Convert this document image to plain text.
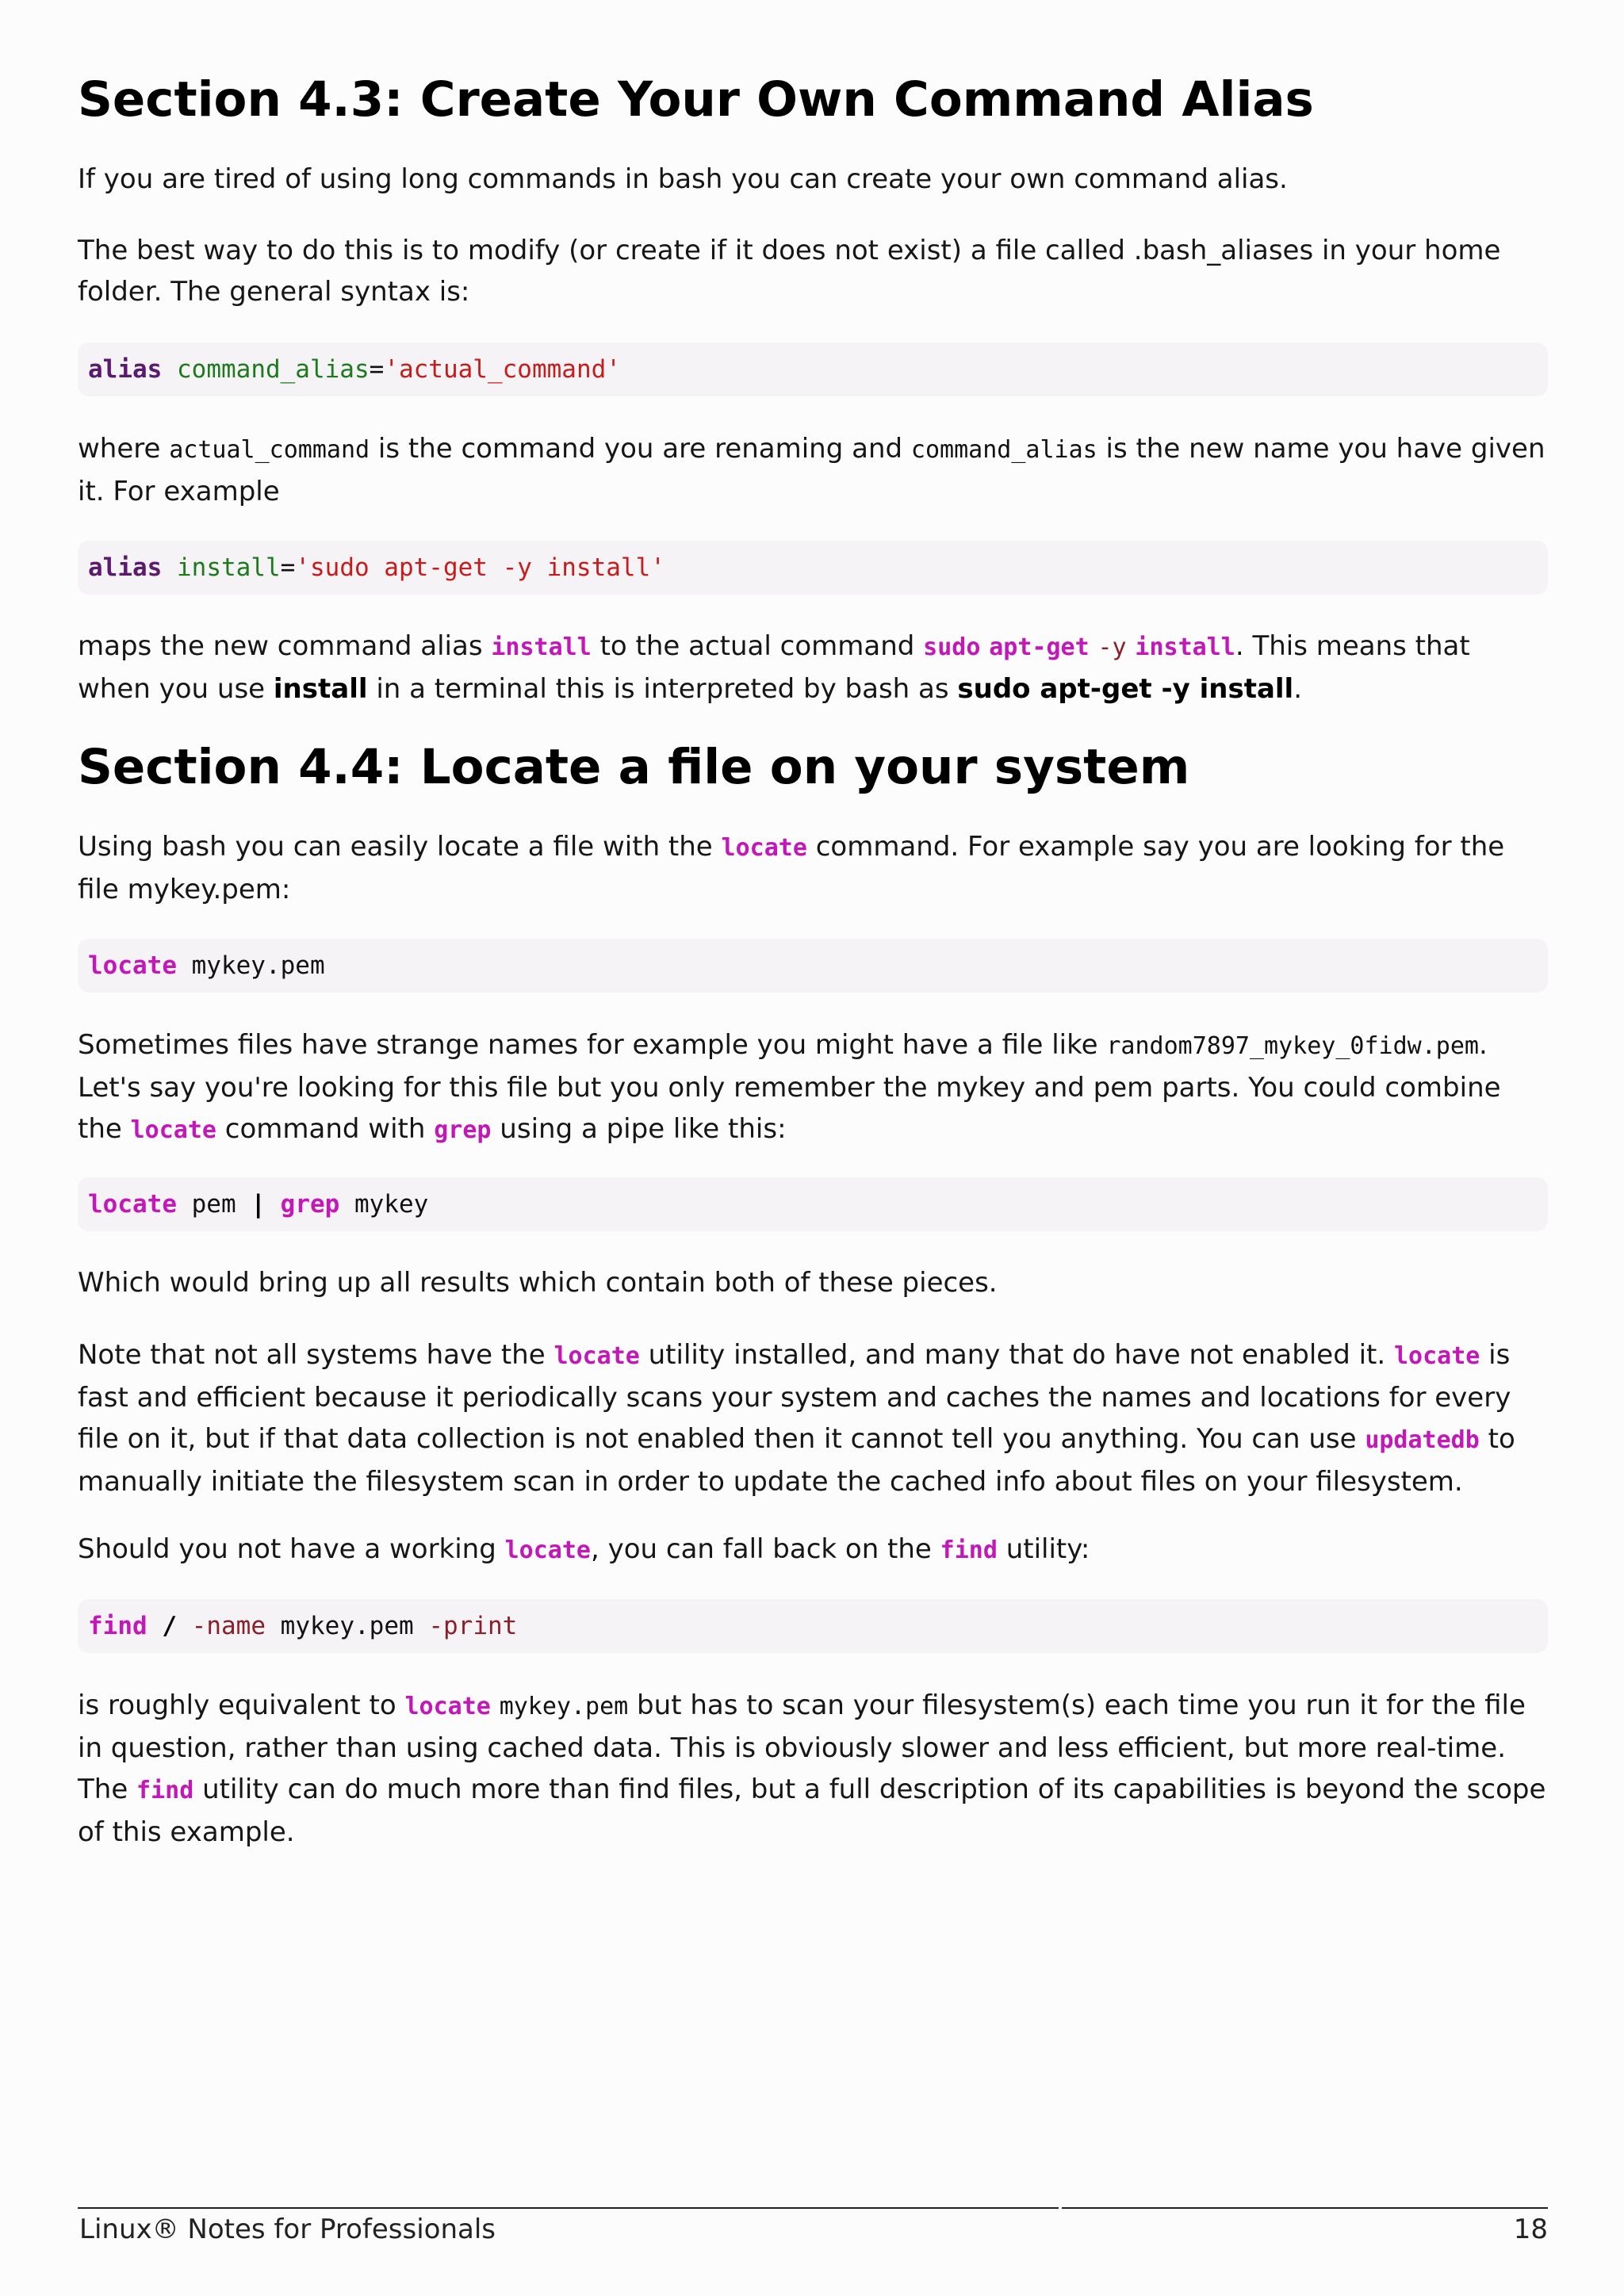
Section 4.3: Create Your Own Command Alias

If you are tired of using long commands in bash you can create your own command alias.

The best way to do this is to modify (or create if it does not exist) a file called .bash_aliases in your home folder. The general syntax is:

alias command_alias='actual_command'

where actual_command is the command you are renaming and command_alias is the new name you have given it. For example

alias install='sudo apt-get -y install'

maps the new command alias install to the actual command sudo apt-get -y install. This means that when you use install in a terminal this is interpreted by bash as sudo apt-get -y install.

Section 4.4: Locate a file on your system

Using bash you can easily locate a file with the locate command. For example say you are looking for the file mykey.pem:

locate mykey.pem

Sometimes files have strange names for example you might have a file like random7897_mykey_0fidw.pem. Let's say you're looking for this file but you only remember the mykey and pem parts. You could combine the locate command with grep using a pipe like this:

locate pem | grep mykey

Which would bring up all results which contain both of these pieces.

Note that not all systems have the locate utility installed, and many that do have not enabled it. locate is fast and efficient because it periodically scans your system and caches the names and locations for every file on it, but if that data collection is not enabled then it cannot tell you anything. You can use updatedb to manually initiate the filesystem scan in order to update the cached info about files on your filesystem.

Should you not have a working locate, you can fall back on the find utility:

find / -name mykey.pem -print

is roughly equivalent to locate mykey.pem but has to scan your filesystem(s) each time you run it for the file in question, rather than using cached data. This is obviously slower and less efficient, but more real-time. The find utility can do much more than find files, but a full description of its capabilities is beyond the scope of this example.

Linux® Notes for Professionals	18
